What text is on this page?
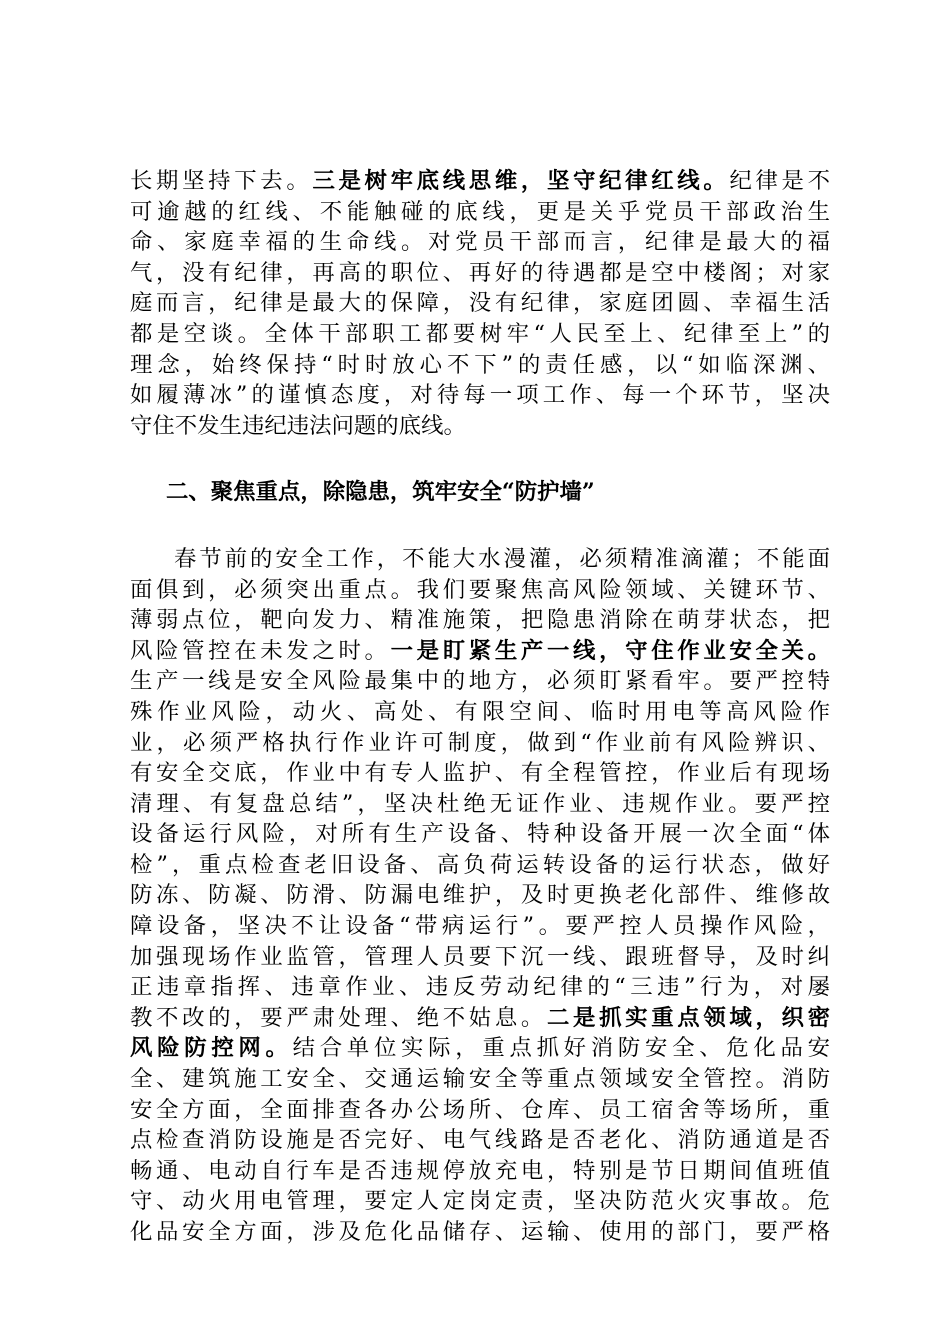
长期坚持下去。三是树牢底线思维，坚守纪律红线。纪律是不
可逾越的红线、不能触碰的底线，更是关乎党员干部政治生
命、家庭幸福的生命线。对党员干部而言，纪律是最大的福
气，没有纪律，再高的职位、再好的待遇都是空中楼阁；对家
庭而言，纪律是最大的保障，没有纪律，家庭团圆、幸福生活
都是空谈。全体干部职工都要树牢“人民至上、纪律至上”的
理念，始终保持“时时放心不下”的责任感，以“如临深渊、
如履薄冰”的谨慎态度，对待每一项工作、每一个环节，坚决
守住不发生违纪违法问题的底线。
二、聚焦重点，除隐患，筑牢安全“防护墙”
春节前的安全工作，不能大水漫灌，必须精准滴灌；不能面
面俱到，必须突出重点。我们要聚焦高风险领域、关键环节、
薄弱点位，靶向发力、精准施策，把隐患消除在萌芽状态，把
风险管控在未发之时。一是盯紧生产一线，守住作业安全关。
生产一线是安全风险最集中的地方，必须盯紧看牢。要严控特
殊作业风险，动火、高处、有限空间、临时用电等高风险作
业，必须严格执行作业许可制度，做到“作业前有风险辨识、
有安全交底，作业中有专人监护、有全程管控，作业后有现场
清理、有复盘总结”，坚决杜绝无证作业、违规作业。要严控
设备运行风险，对所有生产设备、特种设备开展一次全面“体
检”，重点检查老旧设备、高负荷运转设备的运行状态，做好
防冻、防凝、防滑、防漏电维护，及时更换老化部件、维修故
障设备，坚决不让设备“带病运行”。要严控人员操作风险，
加强现场作业监管，管理人员要下沉一线、跟班督导，及时纠
正违章指挥、违章作业、违反劳动纪律的“三违”行为，对屡
教不改的，要严肃处理、绝不姑息。二是抓实重点领域，织密
风险防控网。结合单位实际，重点抓好消防安全、危化品安
全、建筑施工安全、交通运输安全等重点领域安全管控。消防
安全方面，全面排查各办公场所、仓库、员工宿舍等场所，重
点检查消防设施是否完好、电气线路是否老化、消防通道是否
畅通、电动自行车是否违规停放充电，特别是节日期间值班值
守、动火用电管理，要定人定岗定责，坚决防范火灾事故。危
化品安全方面，涉及危化品储存、运输、使用的部门，要严格
